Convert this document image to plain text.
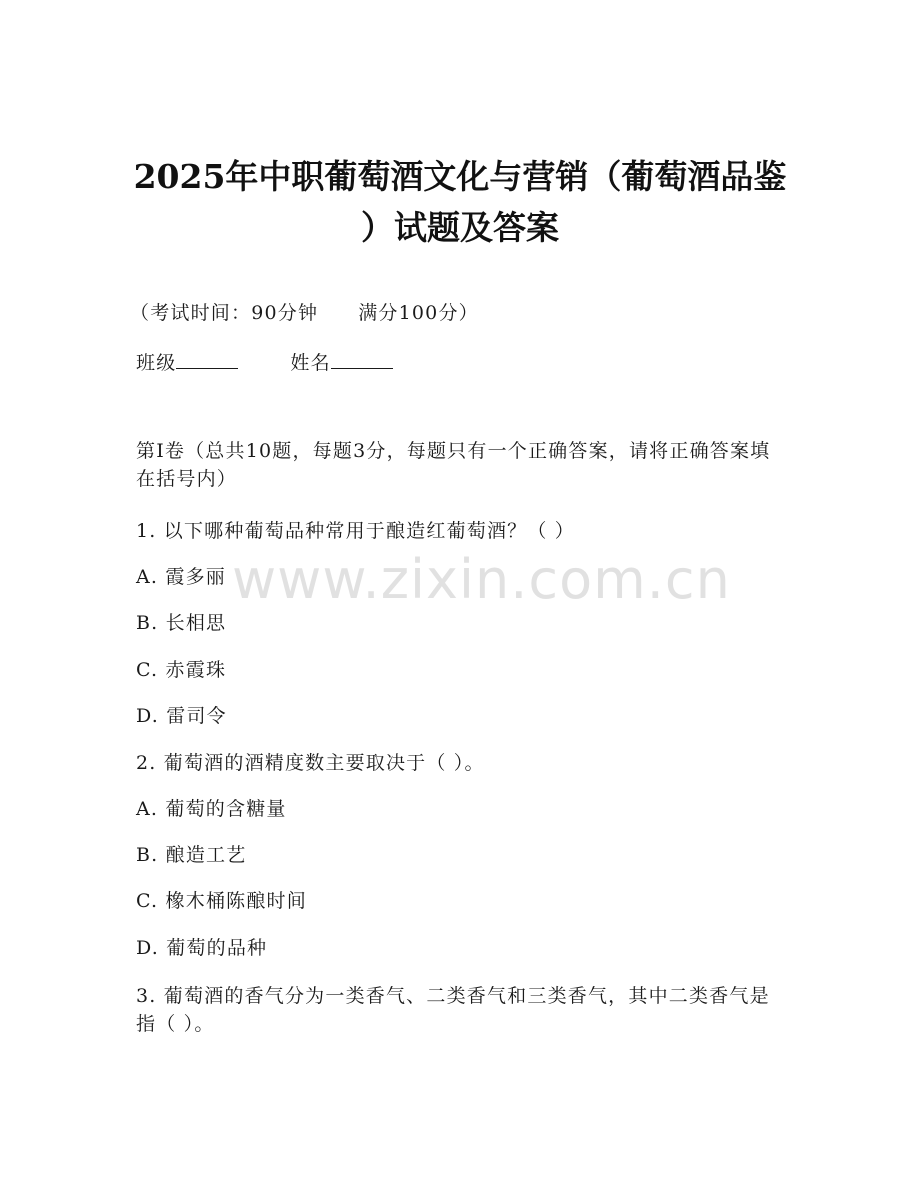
2025年中职葡萄酒文化与营销（葡萄酒品鉴
）试题及答案
（考试时间：90分钟 满分100分）
班级	姓名
第Ⅰ卷（总共10题，每题3分，每题只有一个正确答案，请将正确答案填在括号内）
1. 以下哪种葡萄品种常用于酿造红葡萄酒？（ ）
A. 霞多丽
B. 长相思
C. 赤霞珠
D. 雷司令
2. 葡萄酒的酒精度数主要取决于（ ）。
A. 葡萄的含糖量
B. 酿造工艺
C. 橡木桶陈酿时间
D. 葡萄的品种
3. 葡萄酒的香气分为一类香气、二类香气和三类香气，其中二类香气是指（ ）。
www.zixin.com.cn
